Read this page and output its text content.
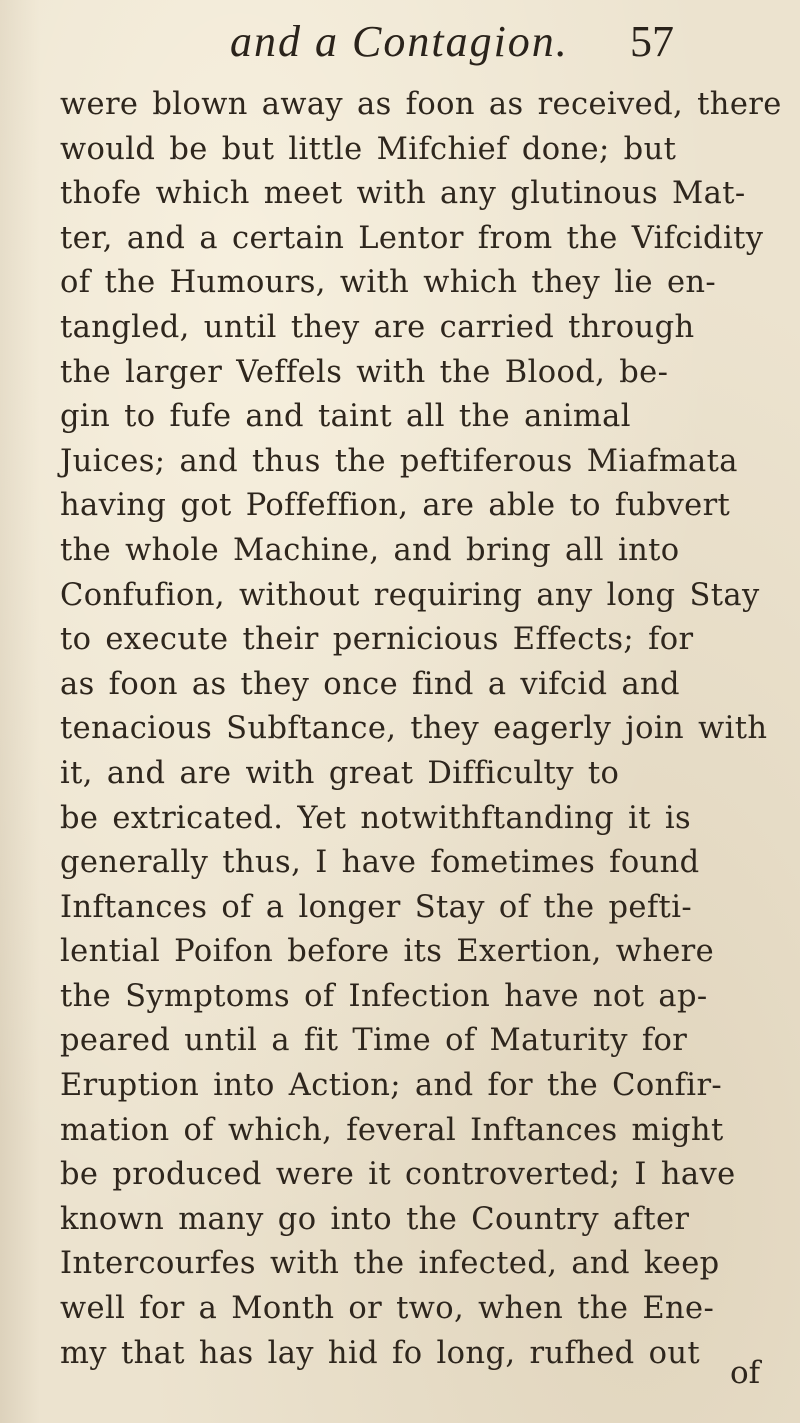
and a Contagion. 57
were blown away as foon as received, there
would be but little Mifchief done; but
thofe which meet with any glutinous Mat-
ter, and a certain Lentor from the Vifcidity
of the Humours, with which they lie en-
tangled, until they are carried through
the larger Veffels with the Blood, be-
gin to fufe and taint all the animal
Juices; and thus the peftiferous Miafmata
having got Poffeffion, are able to fubvert
the whole Machine, and bring all into
Confufion, without requiring any long Stay
to execute their pernicious Effects; for
as foon as they once find a vifcid and
tenacious Subftance, they eagerly join with
it, and are with great Difficulty to
be extricated. Yet notwithftanding it is
generally thus, I have fometimes found
Inftances of a longer Stay of the pefti-
lential Poifon before its Exertion, where
the Symptoms of Infection have not ap-
peared until a fit Time of Maturity for
Eruption into Action; and for the Confir-
mation of which, feveral Inftances might
be produced were it controverted; I have
known many go into the Country after
Intercourfes with the infected, and keep
well for a Month or two, when the Ene-
my that has lay hid fo long, rufhed out
of
